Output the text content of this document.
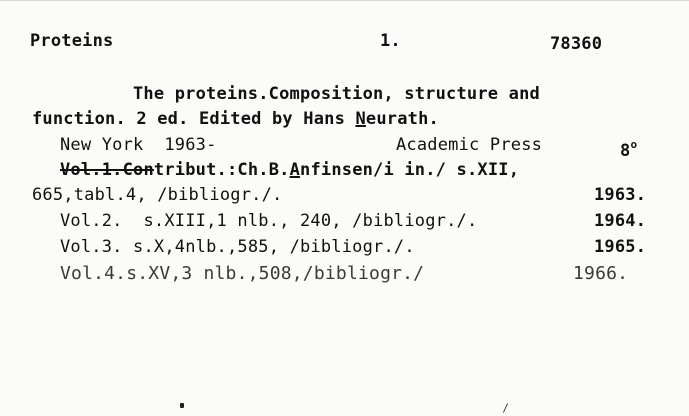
Proteins	1.	78360
The proteins.Composition, structure and
function. 2 ed. Edited by Hans Neurath.
New York  1963-	Academic Press	8$^o$
Vol.1.Contribut.:Ch.B.Anfinsen/i in./ s.XII,
665,tabl.4, /bibliogr./.	1963.
Vol.2.  s.XIII,1 nlb., 240, /bibliogr./.	1964.
Vol.3. s.X,4nlb.,585, /bibliogr./.	1965.
Vol.4.s.XV,3 nlb.,508,/bibliogr./	1966.
